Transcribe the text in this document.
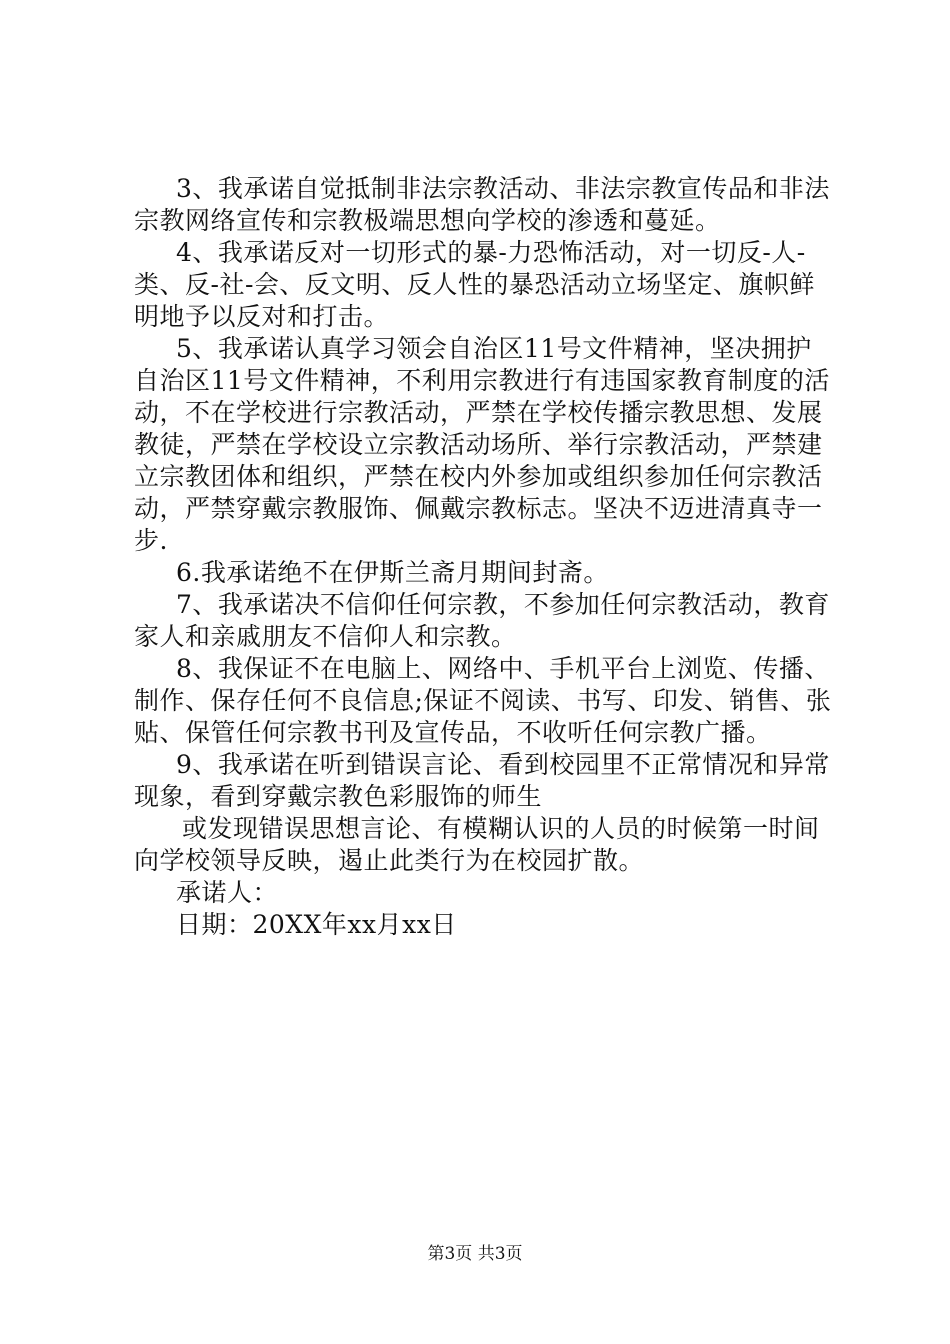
3、我承诺自觉抵制非法宗教活动、非法宗教宣传品和非法
宗教网络宣传和宗教极端思想向学校的渗透和蔓延。
4、我承诺反对一切形式的暴-力恐怖活动，对一切反-人-
类、反-社-会、反文明、反人性的暴恐活动立场坚定、旗帜鲜
明地予以反对和打击。
5、我承诺认真学习领会自治区11号文件精神，坚决拥护
自治区11号文件精神，不利用宗教进行有违国家教育制度的活
动，不在学校进行宗教活动，严禁在学校传播宗教思想、发展
教徒，严禁在学校设立宗教活动场所、举行宗教活动，严禁建
立宗教团体和组织，严禁在校内外参加或组织参加任何宗教活
动，严禁穿戴宗教服饰、佩戴宗教标志。坚决不迈进清真寺一
步.
6.我承诺绝不在伊斯兰斋月期间封斋。
7、我承诺决不信仰任何宗教，不参加任何宗教活动，教育
家人和亲戚朋友不信仰人和宗教。
8、我保证不在电脑上、网络中、手机平台上浏览、传播、
制作、保存任何不良信息;保证不阅读、书写、印发、销售、张
贴、保管任何宗教书刊及宣传品，不收听任何宗教广播。
9、我承诺在听到错误言论、看到校园里不正常情况和异常
现象，看到穿戴宗教色彩服饰的师生
或发现错误思想言论、有模糊认识的人员的时候第一时间
向学校领导反映，遏止此类行为在校园扩散。
承诺人：
日期：20XX年xx月xx日
第3页 共3页
